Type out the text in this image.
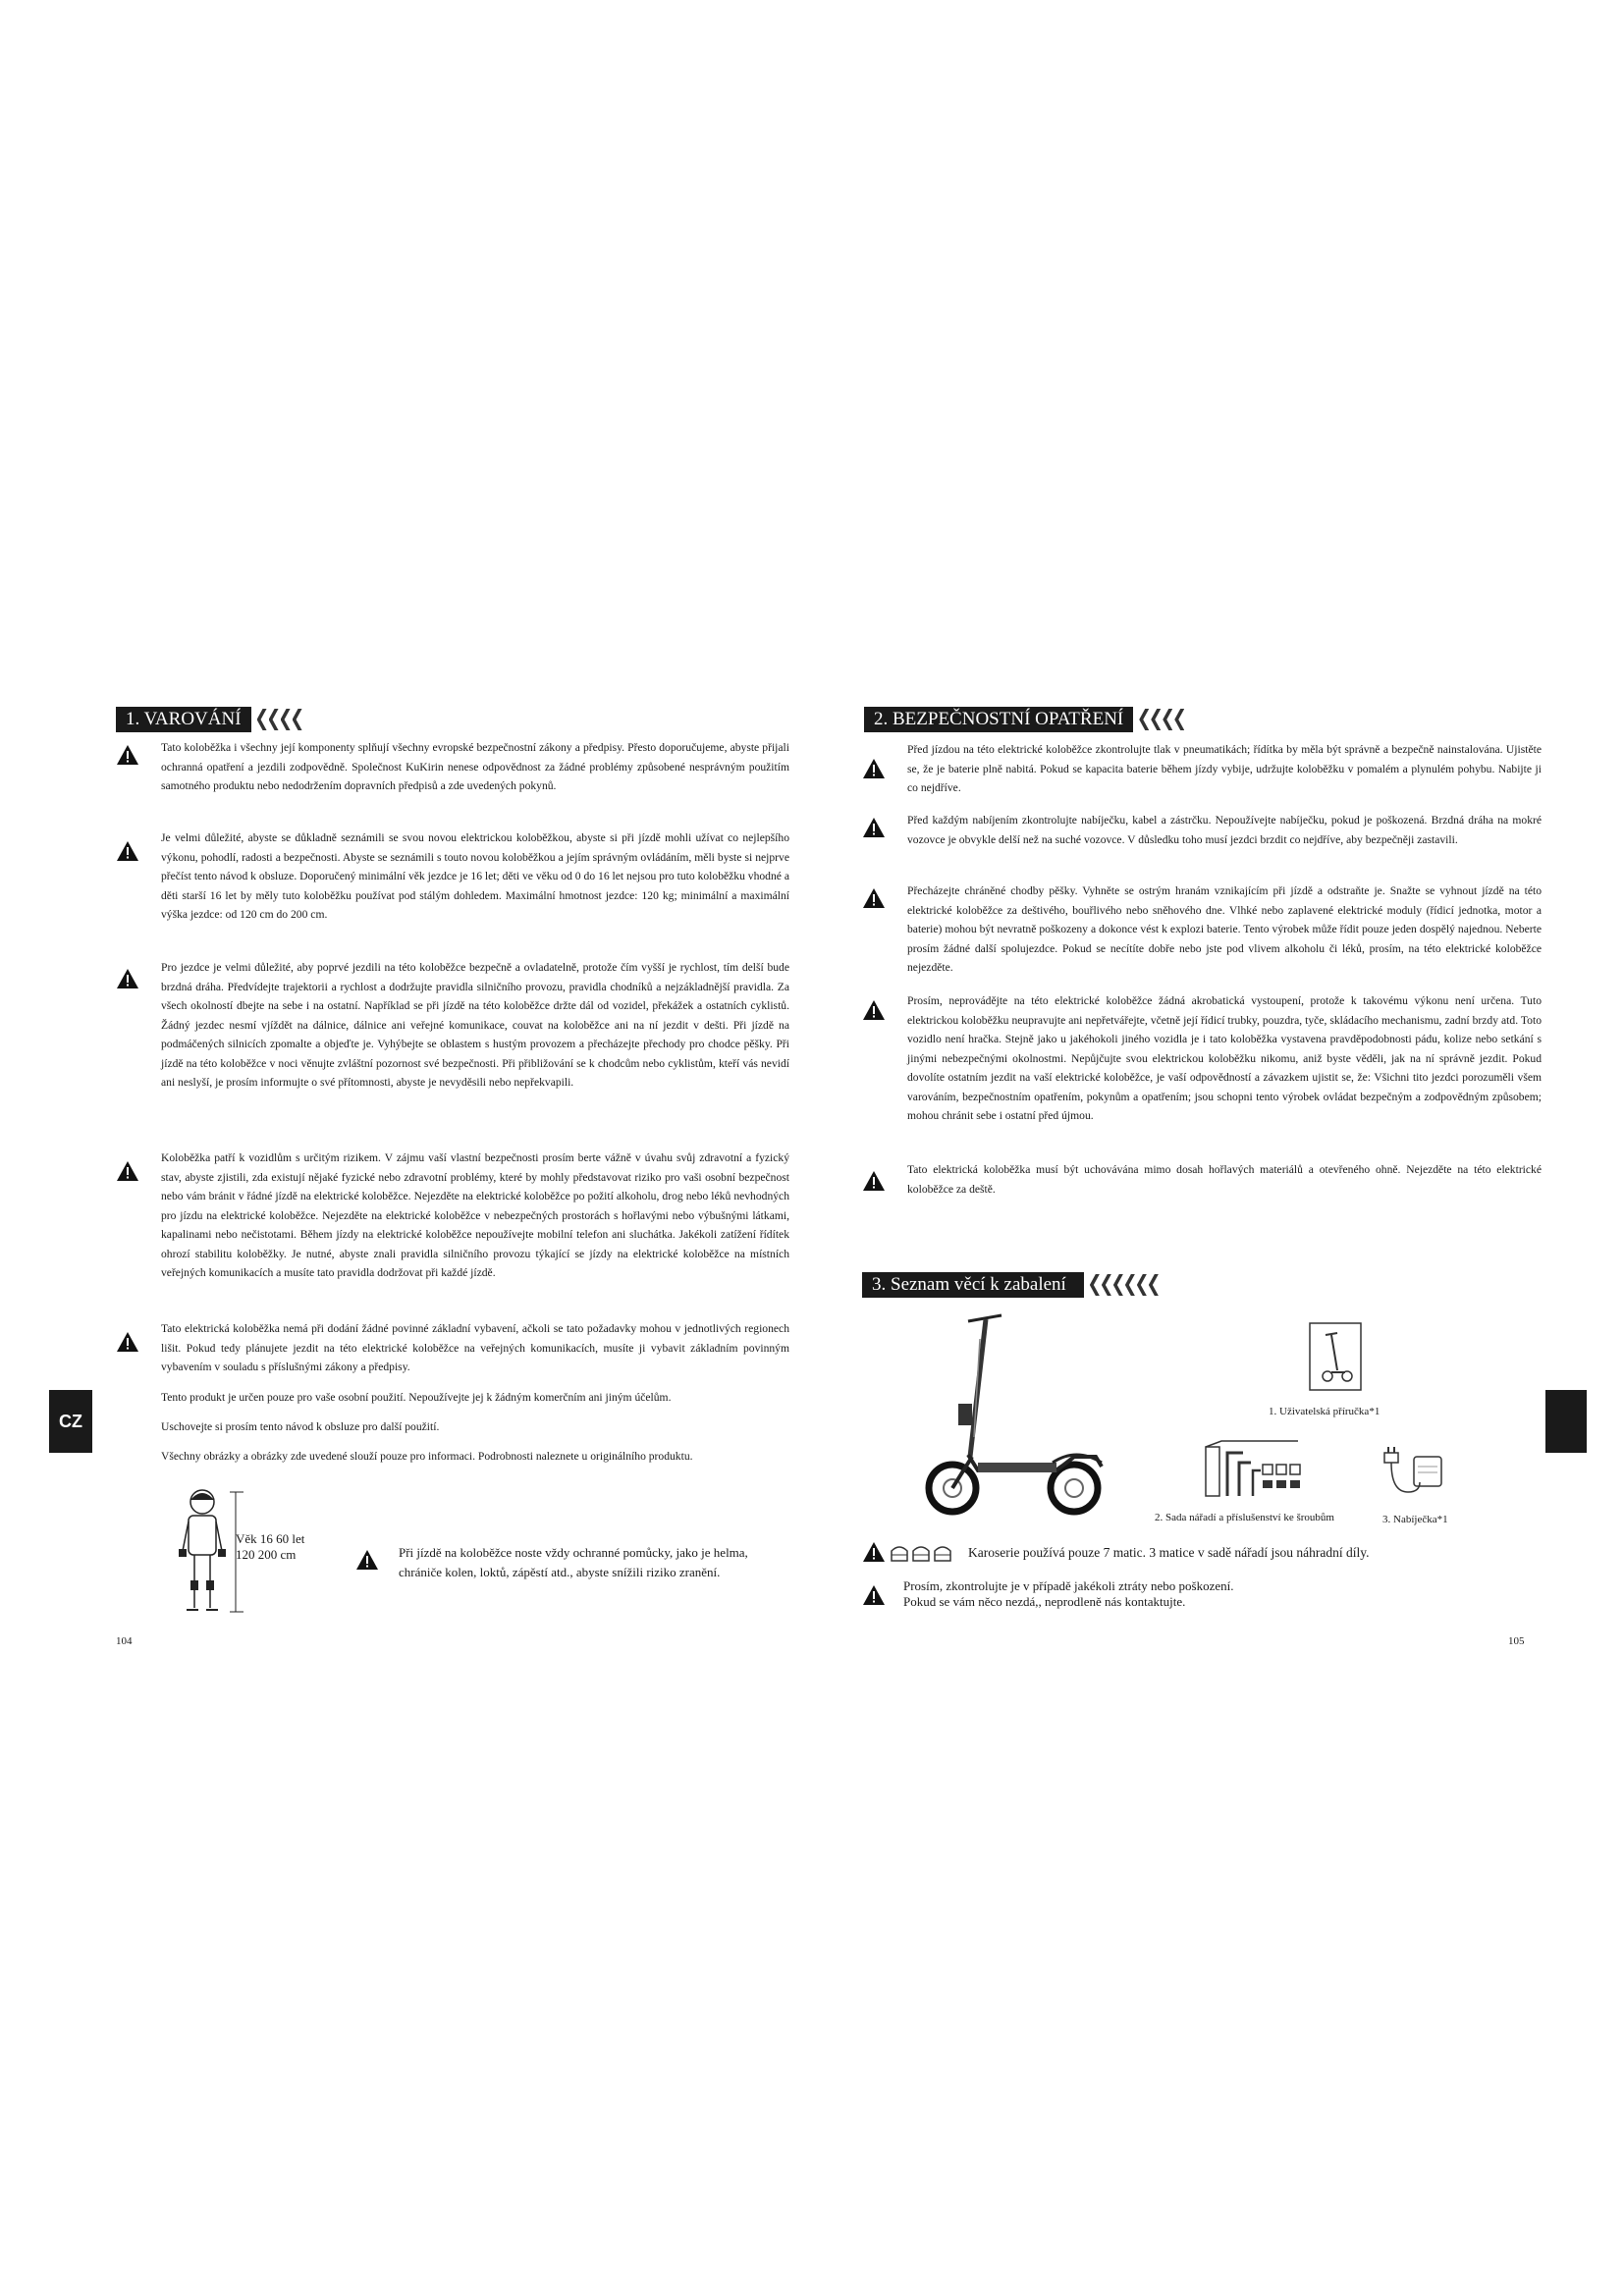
1. VAROVÁNÍ

Tato koloběžka i všechny její komponenty splňují všechny evropské bezpečnostní zákony a předpisy. Přesto doporučujeme, abyste přijali ochranná opatření a jezdili zodpovědně. Společnost KuKirin nenese odpovědnost za žádné problémy způsobené nesprávným použitím samotného produktu nebo nedodržením dopravních předpisů a zde uvedených pokynů.

Je velmi důležité, abyste se důkladně seznámili se svou novou elektrickou koloběžkou, abyste si při jízdě mohli užívat co nejlepšího výkonu, pohodlí, radosti a bezpečnosti. Abyste se seznámili s touto novou koloběžkou a jejím správným ovládáním, měli byste si nejprve přečíst tento návod k obsluze. Doporučený minimální věk jezdce je 16 let; děti ve věku od 0 do 16 let nejsou pro tuto koloběžku vhodné a děti starší 16 let by měly tuto koloběžku používat pod stálým dohledem. Maximální hmotnost jezdce: 120 kg; minimální a maximální výška jezdce: od 120 cm do 200 cm.

Pro jezdce je velmi důležité, aby poprvé jezdili na této koloběžce bezpečně a ovladatelně, protože čím vyšší je rychlost, tím delší bude brzdná dráha. Předvídejte trajektorii a rychlost a dodržujte pravidla silničního provozu, pravidla chodníků a nejzákladnější pravidla. Za všech okolností dbejte na sebe i na ostatní. Například se při jízdě na této koloběžce držte dál od vozidel, překážek a ostatních cyklistů. Žádný jezdec nesmí vjíždět na dálnice, dálnice ani veřejné komunikace, couvat na koloběžce ani na ní jezdit v dešti. Při jízdě na podmáčených silnicích zpomalte a objeďte je. Vyhýbejte se oblastem s hustým provozem a přecházejte přechody pro chodce pěšky. Při jízdě na této koloběžce v noci věnujte zvláštní pozornost své bezpečnosti. Při přibližování se k chodcům nebo cyklistům, kteří vás nevidí ani neslyší, je prosím informujte o své přítomnosti, abyste je nevyděsili nebo nepřekvapili.

Koloběžka patří k vozidlům s určitým rizikem. V zájmu vaší vlastní bezpečnosti prosím berte vážně v úvahu svůj zdravotní a fyzický stav, abyste zjistili, zda existují nějaké fyzické nebo zdravotní problémy, které by mohly představovat riziko pro vaši osobní bezpečnost nebo vám bránit v řádné jízdě na elektrické koloběžce. Nejezděte na elektrické koloběžce po požití alkoholu, drog nebo léků nevhodných pro jízdu na elektrické koloběžce. Nejezděte na elektrické koloběžce v nebezpečných prostorách s hořlavými nebo výbušnými látkami, kapalinami nebo nečistotami. Během jízdy na elektrické koloběžce nepoužívejte mobilní telefon ani sluchátka. Jakékoli zatížení řídítek ohrozí stabilitu koloběžky. Je nutné, abyste znali pravidla silničního provozu týkající se jízdy na elektrické koloběžce na místních veřejných komunikacích a musíte tato pravidla dodržovat při každé jízdě.

Tato elektrická koloběžka nemá při dodání žádné povinné základní vybavení, ačkoli se tato požadavky mohou v jednotlivých regionech lišit. Pokud tedy plánujete jezdit na této elektrické koloběžce na veřejných komunikacích, musíte ji vybavit základním povinným vybavením v souladu s příslušnými zákony a předpisy.

Tento produkt je určen pouze pro vaše osobní použití. Nepoužívejte jej k žádným komerčním ani jiným účelům.

Uschovejte si prosím tento návod k obsluze pro další použití.

Všechny obrázky a obrázky zde uvedené slouží pouze pro informaci. Podrobnosti naleznete u originálního produktu.

Věk 16 60 let
120 200 cm	Při jízdě na koloběžce noste vždy ochranné pomůcky, jako je helma, chrániče kolen, loktů, zápěstí atd., abyste snížili riziko zranění.

104
CZ
2. BEZPEČNOSTNÍ OPATŘENÍ

Před jízdou na této elektrické koloběžce zkontrolujte tlak v pneumatikách; řídítka by měla být správně a bezpečně nainstalována. Ujistěte se, že je baterie plně nabitá. Pokud se kapacita baterie během jízdy vybije, udržujte koloběžku v pomalém a plynulém pohybu. Nabijte ji co nejdříve.

Před každým nabíjením zkontrolujte nabíječku, kabel a zástrčku. Nepoužívejte nabíječku, pokud je poškozená. Brzdná dráha na mokré vozovce je obvykle delší než na suché vozovce. V důsledku toho musí jezdci brzdit co nejdříve, aby bezpečněji zastavili.

Přecházejte chráněné chodby pěšky. Vyhněte se ostrým hranám vznikajícím při jízdě a odstraňte je. Snažte se vyhnout jízdě na této elektrické koloběžce za deštivého, bouřlivého nebo sněhového dne. Vlhké nebo zaplavené elektrické moduly (řídicí jednotka, motor a baterie) mohou být nevratně poškozeny a dokonce vést k explozi baterie. Tento výrobek může řídit pouze jeden dospělý najednou. Neberte prosím žádné další spolujezdce. Pokud se necítíte dobře nebo jste pod vlivem alkoholu či léků, prosím, na této elektrické koloběžce nejezděte.

Prosím, neprovádějte na této elektrické koloběžce žádná akrobatická vystoupení, protože k takovému výkonu není určena. Tuto elektrickou koloběžku neupravujte ani nepřetvářejte, včetně její řídicí trubky, pouzdra, tyče, skládacího mechanismu, zadní brzdy atd. Toto vozidlo není hračka. Stejně jako u jakéhokoli jiného vozidla je i tato koloběžka vystavena pravděpodobnosti pádu, kolize nebo setkání s jinými nebezpečnými okolnostmi. Nepůjčujte svou elektrickou koloběžku nikomu, aniž byste věděli, jak na ní správně jezdit. Pokud dovolíte ostatním jezdit na vaší elektrické koloběžce, je vaší odpovědností a závazkem ujistit se, že: Všichni tito jezdci porozuměli všem varováním, bezpečnostním opatřením, pokynům a opatřením; jsou schopni tento výrobek ovládat bezpečným a zodpovědným způsobem; mohou chránit sebe i ostatní před újmou.

Tato elektrická koloběžka musí být uchovávána mimo dosah hořlavých materiálů a otevřeného ohně. Nejezděte na této elektrické koloběžce za deště.

3. Seznam věcí k zabalení
1. Uživatelská příručka*1
2. Sada nářadí a příslušenství ke šroubům	3. Nabíječka*1
Karoserie používá pouze 7 matic. 3 matice v sadě nářadí jsou náhradní díly.
Prosím, zkontrolujte je v případě jakékoli ztráty nebo poškození.
Pokud se vám něco nezdá,, neprodleně nás kontaktujte.
105
